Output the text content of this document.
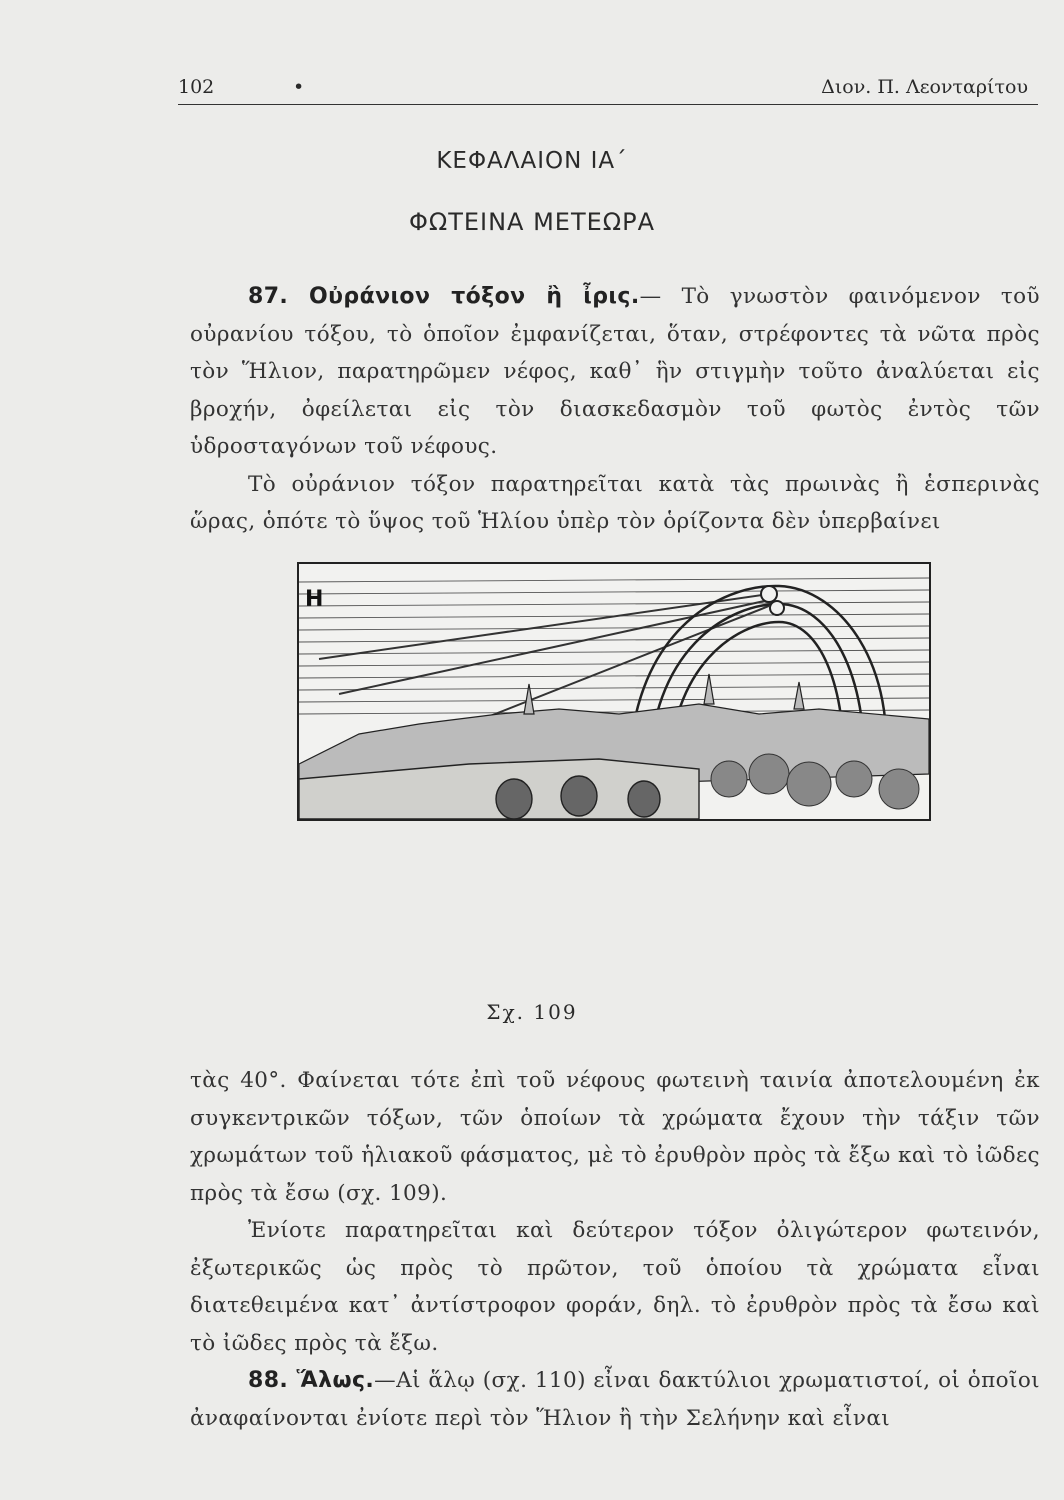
102	•	Διον. Π. Λεονταρίτου
ΚΕΦΑΛΑΙΟΝ ΙΑ΄
ΦΩΤΕΙΝΑ ΜΕΤΕΩΡΑ
87. Οὐράνιον τόξον ἢ ἶρις.— Τὸ γνωστὸν φαινόμενον τοῦ οὐρανίου τόξου, τὸ ὁποῖον ἐμφανίζεται, ὅταν, στρέφοντες τὰ νῶτα πρὸς τὸν Ἥλιον, παρατηρῶμεν νέφος, καθ᾽ ἣν στιγμὴν τοῦτο ἀναλύεται εἰς βροχήν, ὀφείλεται εἰς τὸν διασκεδασμὸν τοῦ φωτὸς ἐντὸς τῶν ὑδροσταγόνων τοῦ νέφους.
Τὸ οὐράνιον τόξον παρατηρεῖται κατὰ τὰς πρωινὰς ἢ ἑσπερινὰς ὥρας, ὁπότε τὸ ὕψος τοῦ Ἡλίου ὑπὲρ τὸν ὁρίζοντα δὲν ὑπερβαίνει
Η
Σχ. 109
τὰς 40°. Φαίνεται τότε ἐπὶ τοῦ νέφους φωτεινὴ ταινία ἀποτελουμένη ἐκ συγκεντρικῶν τόξων, τῶν ὁποίων τὰ χρώματα ἔχουν τὴν τάξιν τῶν χρωμάτων τοῦ ἡλιακοῦ φάσματος, μὲ τὸ ἐρυθρὸν πρὸς τὰ ἔξω καὶ τὸ ἰῶδες πρὸς τὰ ἔσω (σχ. 109).
Ἐνίοτε παρατηρεῖται καὶ δεύτερον τόξον ὀλιγώτερον φωτεινόν, ἐξωτερικῶς ὡς πρὸς τὸ πρῶτον, τοῦ ὁποίου τὰ χρώματα εἶναι διατεθειμένα κατ᾽ ἀντίστροφον φοράν, δηλ. τὸ ἐρυθρὸν πρὸς τὰ ἔσω καὶ τὸ ἰῶδες πρὸς τὰ ἔξω.
88. Ἅλως.—Αἱ ἅλῳ (σχ. 110) εἶναι δακτύλιοι χρωματιστοί, οἱ ὁποῖοι ἀναφαίνονται ἐνίοτε περὶ τὸν Ἥλιον ἢ τὴν Σελήνην καὶ εἶναι
